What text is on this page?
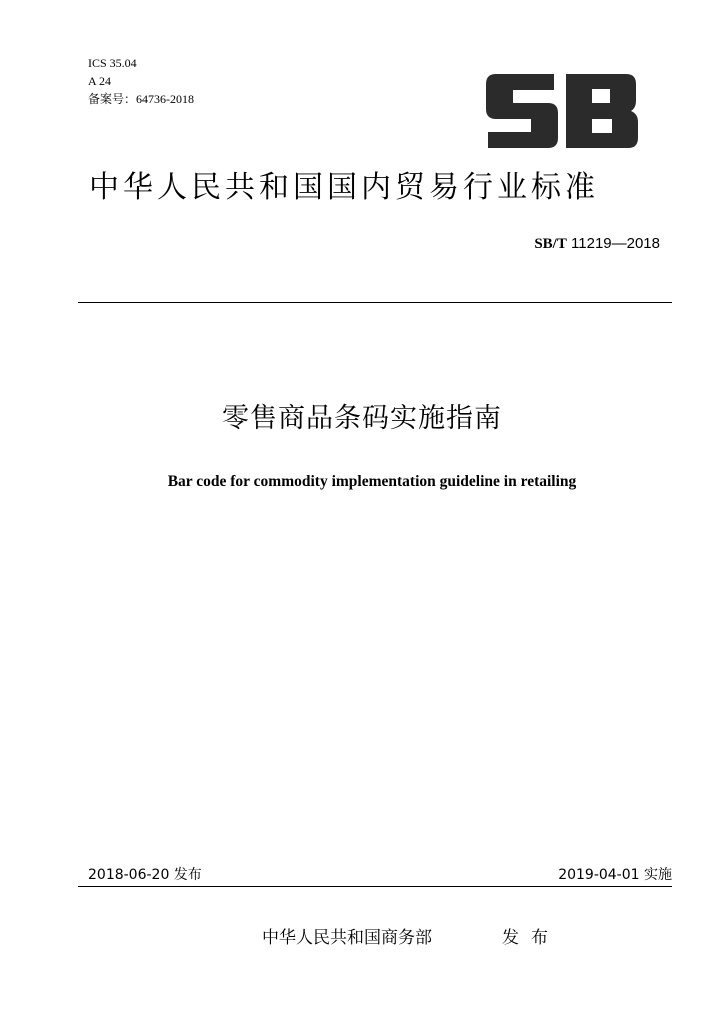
ICS 35.04
A 24
备案号：64736-2018
中华人民共和国国内贸易行业标准
SB/T 11219—2018
零售商品条码实施指南
Bar code for commodity implementation guideline in retailing
2018-06-20 发布	2019-04-01 实施
中华人民共和国商务部	发布
